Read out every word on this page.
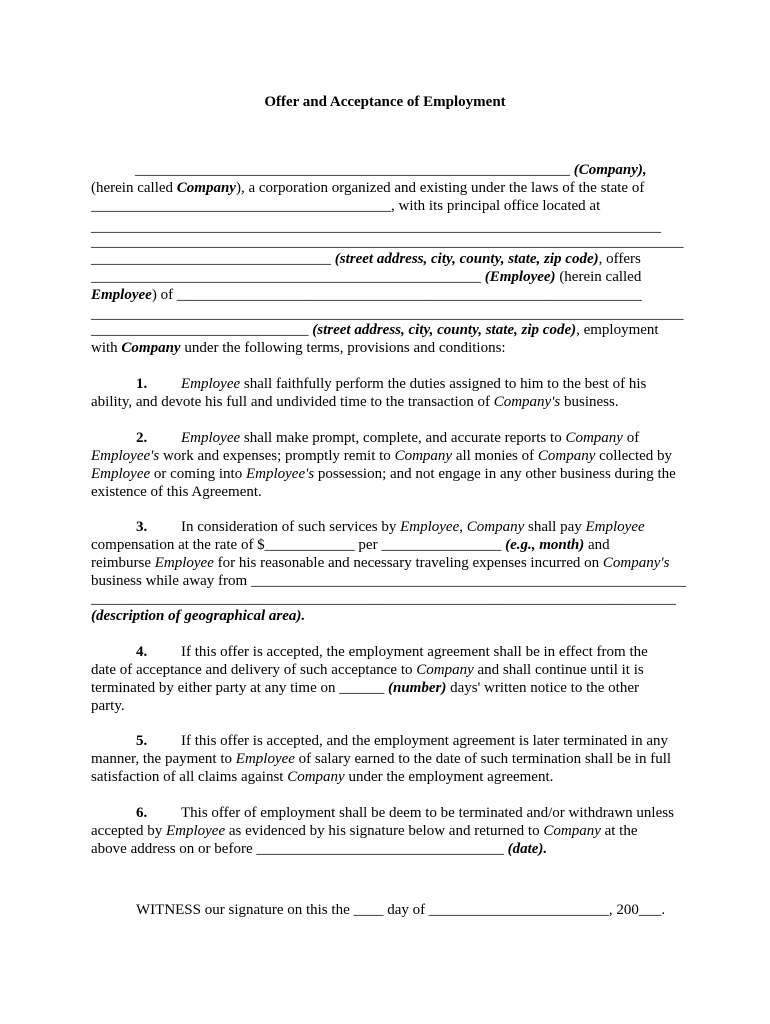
Offer and Acceptance of Employment
__________________________________________________________ (Company),
(herein called Company), a corporation organized and existing under the laws of the state of
________________________________________, with its principal office located at
____________________________________________________________________________
_______________________________________________________________________________
________________________________ (street address, city, county, state, zip code), offers
____________________________________________________ (Employee) (herein called
Employee) of ______________________________________________________________
_______________________________________________________________________________
_____________________________ (street address, city, county, state, zip code), employment
with Company under the following terms, provisions and conditions:
1. Employee shall faithfully perform the duties assigned to him to the best of his
ability, and devote his full and undivided time to the transaction of Company's business.
2. Employee shall make prompt, complete, and accurate reports to Company of
Employee's work and expenses; promptly remit to Company all monies of Company collected by
Employee or coming into Employee's possession; and not engage in any other business during the
existence of this Agreement.
3. In consideration of such services by Employee, Company shall pay Employee
compensation at the rate of $____________ per ________________ (e.g., month) and
reimburse Employee for his reasonable and necessary traveling expenses incurred on Company's
business while away from __________________________________________________________
______________________________________________________________________________
(description of geographical area).
4. If this offer is accepted, the employment agreement shall be in effect from the
date of acceptance and delivery of such acceptance to Company and shall continue until it is
terminated by either party at any time on ______ (number) days' written notice to the other
party.
5. If this offer is accepted, and the employment agreement is later terminated in any
manner, the payment to Employee of salary earned to the date of such termination shall be in full
satisfaction of all claims against Company under the employment agreement.
6. This offer of employment shall be deem to be terminated and/or withdrawn unless
accepted by Employee as evidenced by his signature below and returned to Company at the
above address on or before _________________________________ (date).
WITNESS our signature on this the ____ day of ________________________, 200___.
